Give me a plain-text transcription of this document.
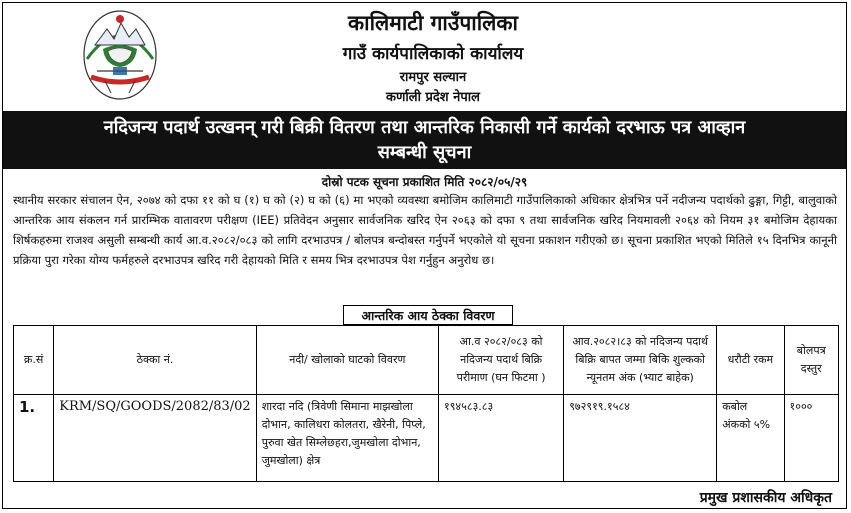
कालिमाटी गाउँपालिका
गाउँ कार्यपालिकाको कार्यालय
रामपुर सल्यान
कर्णाली प्रदेश नेपाल
नदिजन्य पदार्थ उत्खनन् गरी बिक्री वितरण तथा आन्तरिक निकासी गर्ने कार्यको दरभाऊ पत्र आव्हान
सम्बन्धी सूचना
दोस्रो पटक सूचना प्रकाशित मिति २०८२/०५/२९
स्थानीय सरकार संचालन ऐन, २०७४ को दफा ११ को घ (१) घ को (२) घ को (६) मा भएको व्यवस्था बमोजिम कालिमाटी गाउँपालिकाको अधिकार क्षेत्रभित्र पर्ने नदीजन्य पदार्थको ढुङ्गा, गिट्टी, बालुवाको आन्तरिक आय संकलन गर्न प्रारम्भिक वातावरण परीक्षण (IEE) प्रतिवेदन अनुसार सार्वजनिक खरिद ऐन २०६३ को दफा ९ तथा सार्वजनिक खरिद नियमावली २०६४ को नियम ३१ बमोजिम देहायका शिर्षकहरुमा राजश्व असुली सम्बन्धी कार्य आ.व.२०८२/०८३ को लागि दरभाउपत्र / बोलपत्र बन्दोबस्त गर्नुपर्ने भएकोले यो सूचना प्रकाशन गरीएको छ। सूचना प्रकाशित भएको मितिले १५ दिनभित्र कानूनी प्रक्रिया पुरा गरेका योग्य फर्महरुले दरभाउपत्र खरिद गरी देहायको मिति र समय भित्र दरभाउपत्र पेश गर्नुहुन अनुरोध छ।
आन्तरिक आय ठेक्का विवरण
क्र.सं	ठेक्का नं.	नदी/ खोलाको घाटको विवरण	आ.व २०८२/०८३ को नदिजन्य पदार्थ बिक्रि परीमाण (घन फिटमा )	आव.२०८२।८३ को नदिजन्य पदार्थ बिक्रि बापत जम्मा बिकि शुल्कको न्यूनतम अंक (भ्याट बाहेक)	धरौटी रकम	बोलपत्र दस्तुर
1.	KRM/SQ/GOODS/2082/83/02	शारदा नदि (त्रिवेणी सिमाना माझखोला दोभान, कालिधरा कोलतरा, खैरेनी, पिप्ले, पुरुवा खेत सिम्लेछहरा,जुमखोला दोभान, जुमखोला) क्षेत्र	१९४५८३.८३	९७२९१९.१५८४	कबोल अंकको ५%	१०००
प्रमुख प्रशासकीय अधिकृत
